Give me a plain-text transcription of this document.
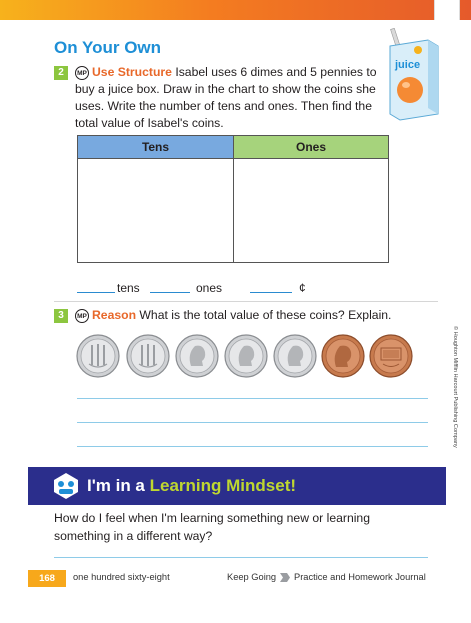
On Your Own
2	MP Use Structure Isabel uses 6 dimes and 5 pennies to
buy a juice box. Draw in the chart to show the coins she
uses. Write the number of tens and ones. Then find the
total value of Isabel's coins.
juice
Tens	Ones
tens	ones	¢
3	MP Reason What is the total value of these coins? Explain.
© Houghton Mifflin Harcourt Publishing Company
I'm in a Learning Mindset!
How do I feel when I'm learning something new or learning something in a different way?
168	one hundred sixty-eight	Keep Going Practice and Homework Journal
